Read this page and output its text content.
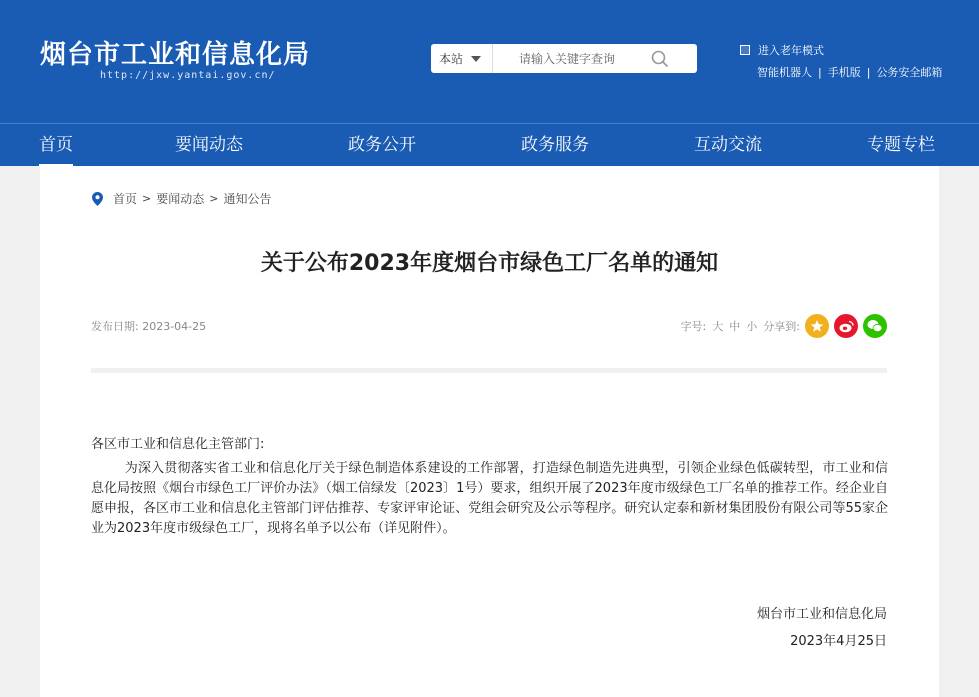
烟台市工业和信息化局
http://jxw.yantai.gov.cn/
本站
请输入关键字查询
进入老年模式
智能机器人 | 手机版 | 公务安全邮箱
首页	要闻动态	政务公开	政务服务	互动交流	专题专栏
首页 > 要闻动态 > 通知公告
关于公布2023年度烟台市绿色工厂名单的通知
发布日期: 2023-04-25	字号: 大 中 小 分享到:
各区市工业和信息化主管部门:
为深入贯彻落实省工业和信息化厅关于绿色制造体系建设的工作部署，打造绿色制造先进典型，引领企业绿色低碳转型，市工业和信息化局按照《烟台市绿色工厂评价办法》（烟工信绿发〔2023〕1号）要求，组织开展了2023年度市级绿色工厂名单的推荐工作。经企业自愿申报，各区市工业和信息化主管部门评估推荐、专家评审论证、党组会研究及公示等程序。研究认定泰和新材集团股份有限公司等55家企业为2023年度市级绿色工厂，现将名单予以公布（详见附件）。
烟台市工业和信息化局
2023年4月25日
